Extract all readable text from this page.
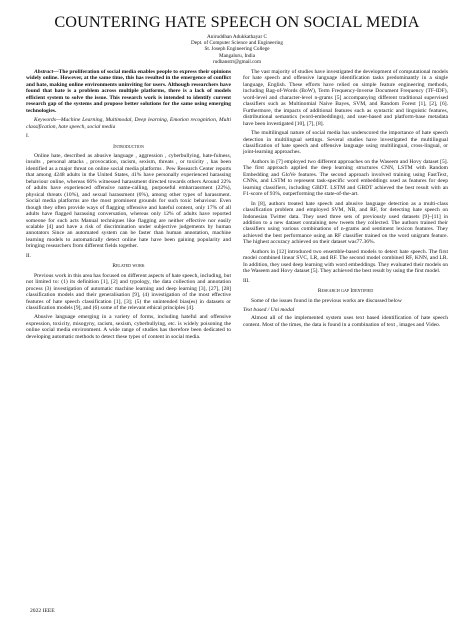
COUNTERING HATE SPEECH ON SOCIAL MEDIA
Aniruddhan Adukkathayar C
Dept. of Computer Science and Engineering
St. Joseph Engineering College
Mangaluru, India
rudhanstrr@gmail.com

Abstract—The proliferation of social media enables people to express their opinions widely online. However, at the same time, this has resulted in the emergence of conflict and hate, making online environments uninviting for users. Although researchers have found that hate is a problem across multiple platforms, there is a lack of models efficient system to solve the issue. This research work is intended to identify current research gap of the systems and propose better solutions for the same using emerging technologies.

Keywords—Machine Learning, Multimodal, Deep learning, Emotion recognition, Multi classification, hate speech, social media

I.
Introduction

Online hate, described as abusive language , aggression , cyberbullying, hate-fulness, insults , personal attacks , provocation, racism, sexism, threats , or toxicity , has been identified as a major threat on online social media platforms . Pew Research Center reports that among 4248 adults in the United States, 41% have personally experienced harassing behaviour online, whereas 66% witnessed harassment directed towards others Around 22% of adults have experienced offensive name-calling, purposeful embarrassment (22%), physical threats (10%), and sexual harassment (6%), among other types of harassment. Social media platforms are the most prominent grounds for such toxic behaviour. Even though they often provide ways of flagging offensive and hateful content, only 17% of all adults have flagged harassing conversation, whereas only 12% of adults have reported someone for such acts Manual techniques like flagging are neither effective nor easily scalable [4] and have a risk of discrimination under subjective judgements by human annotators Since an automated system can be faster than human annotation, machine learning models to automatically detect online hate have been gaining popularity and bringing researchers from different fields together.

II.
Related work

Previous work in this area has focused on different aspects of hate speech, including, but not limited to: (1) its definition [1], [2] and typology, the data collection and annotation process (3) investigation of automatic machine learning and deep learning [3], [27], [28] classification models and their generalisation [9], (4) investigation of the most effective features of hate speech classification [1], [3]; (5) the unintended bias(es) in datasets or classification models [9], and (6) some of the relevant ethical principles [4].

Abusive language emerging in a variety of forms, including hateful and offensive expression, toxicity, misogyny, racism, sexism, cyberbullying, etc. is widely poisoning the online social media environment. A wide range of studies has therefore been dedicated to developing automatic methods to detect these types of content in social media.

The vast majority of studies have investigated the development of computational models for hate speech and offensive language identification tasks predominantly in a single language, English. These efforts have relied on simple feature engineering methods, including Bag-of-Words (BoW), Term Frequency-Inverse Document Frequency (TF-IDF), word-level and character-level n-grams [5] accompanying different traditional supervised classifiers such as Multinomial Naive Bayes, SVM, and Random Forest [1], [2], [6]. Furthermore, the impacts of additional features such as syntactic and linguistic features, distributional semantics (word-embeddings), and user-based and platform-base metadata have been investigated [10], [7], [8].

The multilingual nature of social media has underscored the importance of hate speech detection in multilingual settings. Several studies have investigated the multilingual classification of hate speech and offensive language using multilingual, cross-lingual, or joint-learning approaches.

Authors in [7] employed two different approaches on the Waseem and Hovy dataset [5]. The first approach applied the deep learning structures CNN, LSTM with Random Embedding and GloVe features. The second approach involved training using FastText, CNNs, and LSTM to represent task-specific word embeddings used as features for deep learning classifiers, including GBDT. LSTM and GBDT achieved the best result with an F1-score of 93%, outperforming the state-of-the-art.

In [8], authors treated hate speech and abusive language detection as a multi-class classification problem and employed SVM, NB, and RF, for detecting hate speech on Indonesian Twitter data. They used three sets of previously used datasets [9]–[11] in addition to a new dataset containing new tweets they collected. The authors trained their classifiers using various combinations of n-grams and sentiment lexicon features. They achieved the best performance using an RF classifier trained on the word unigram feature. The highest accuracy achieved on their dataset was77.36%.

Authors in [12] introduced two ensemble-based models to detect hate speech. The first model combined linear SVC, LR, and RF. The second model combined RF, KNN, and LR. In addition, they used deep learning with word embeddings. They evaluated their models on the Waseem and Hovy dataset [5]. They achieved the best result by using the first model.

III.
Research gap Identified

Some of the issues found in the previous works are discussed below

Text based / Uni modal

Almost all of the implemented system uses text based identification of hate speech content. Most of the times, the data is found in a combination of text , images and Video.

2022 IEEE
